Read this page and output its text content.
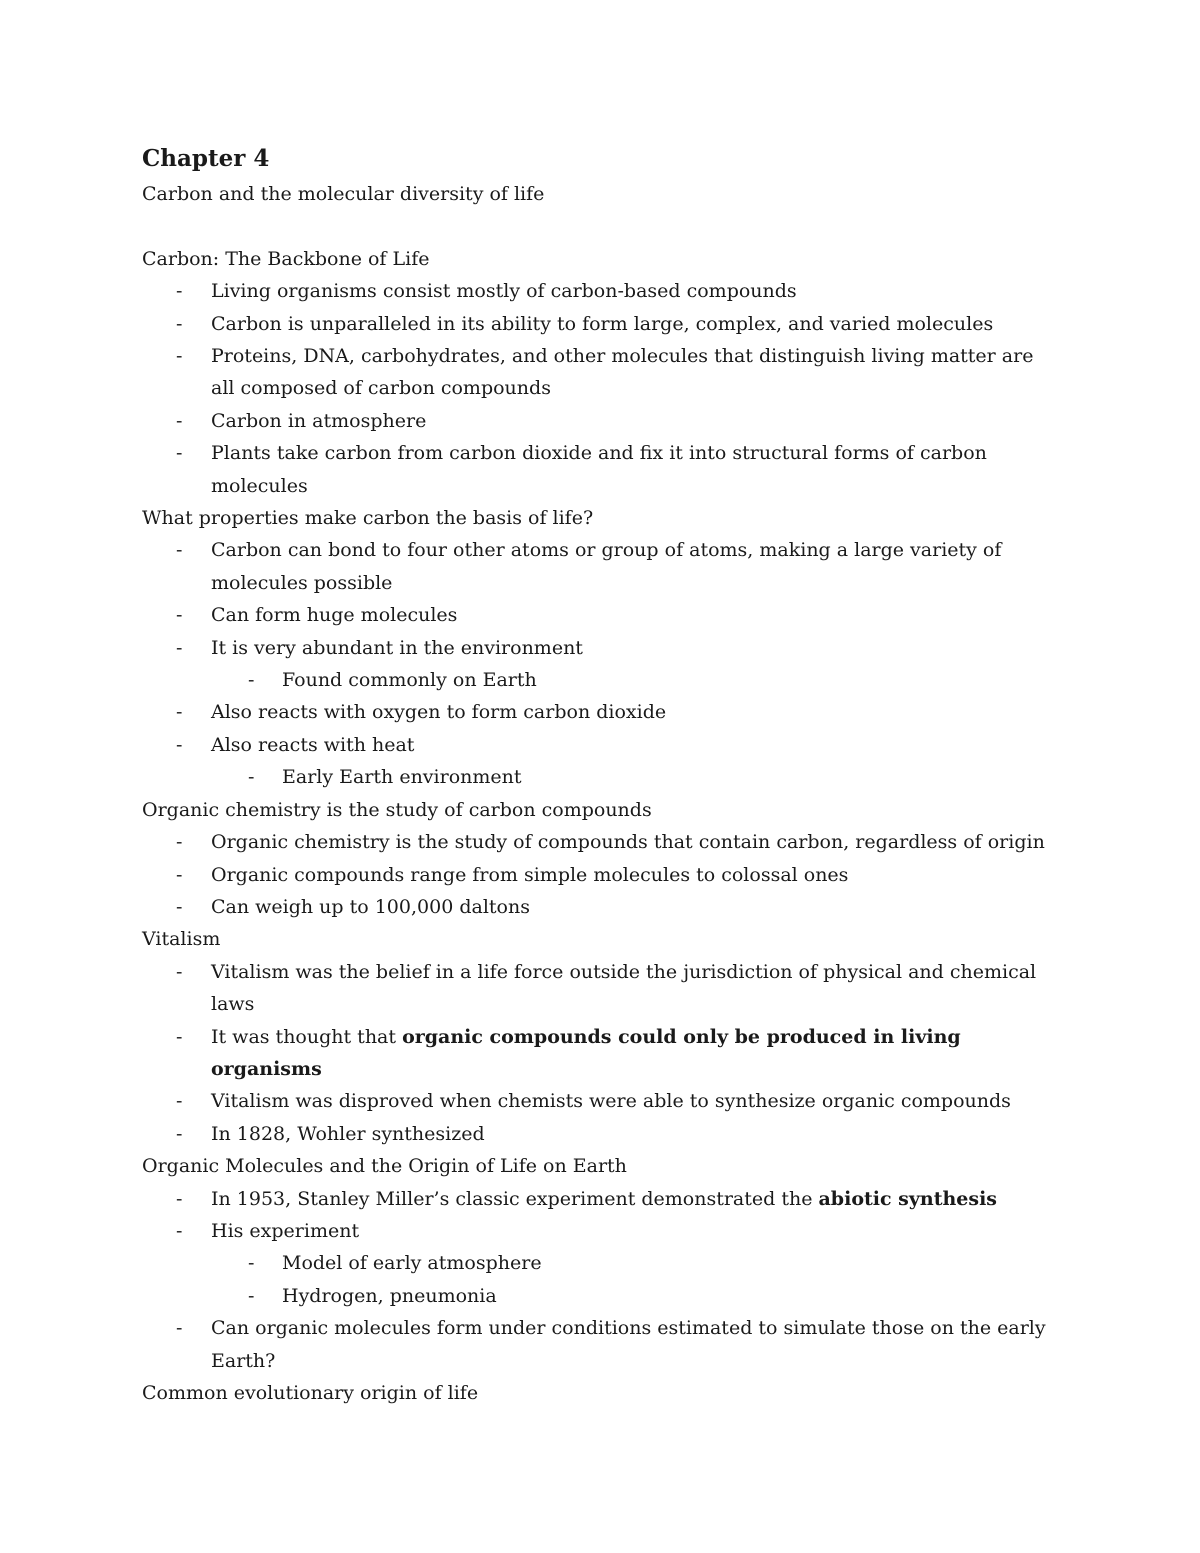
Chapter 4

Carbon and the molecular diversity of life

Carbon: The Backbone of Life

-	Living organisms consist mostly of carbon-based compounds
-	Carbon is unparalleled in its ability to form large, complex, and varied molecules
-	Proteins, DNA, carbohydrates, and other molecules that distinguish living matter are all composed of carbon compounds
-	Carbon in atmosphere
-	Plants take carbon from carbon dioxide and fix it into structural forms of carbon molecules

What properties make carbon the basis of life?

-	Carbon can bond to four other atoms or group of atoms, making a large variety of molecules possible
-	Can form huge molecules
-	It is very abundant in the environment
-	Found commonly on Earth
-	Also reacts with oxygen to form carbon dioxide
-	Also reacts with heat
-	Early Earth environment

Organic chemistry is the study of carbon compounds

-	Organic chemistry is the study of compounds that contain carbon, regardless of origin
-	Organic compounds range from simple molecules to colossal ones
-	Can weigh up to 100,000 daltons

Vitalism

-	Vitalism was the belief in a life force outside the jurisdiction of physical and chemical laws
-	It was thought that organic compounds could only be produced in living organisms
-	Vitalism was disproved when chemists were able to synthesize organic compounds
-	In 1828, Wohler synthesized

Organic Molecules and the Origin of Life on Earth

-	In 1953, Stanley Miller’s classic experiment demonstrated the abiotic synthesis
-	His experiment
-	Model of early atmosphere
-	Hydrogen, pneumonia
-	Can organic molecules form under conditions estimated to simulate those on the early Earth?

Common evolutionary origin of life
